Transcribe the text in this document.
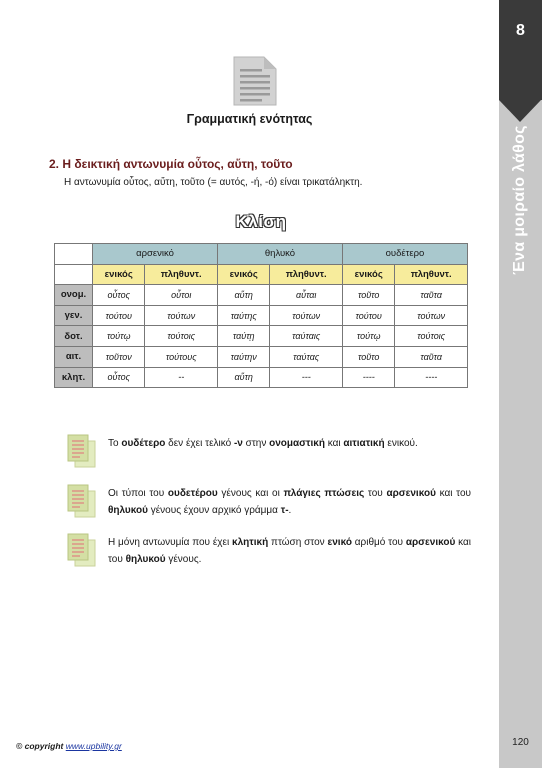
8
Ένα μοιραίο λάθος
120
Γραμματική ενότητας
2. Η δεικτική αντωνυμία οὗτος, αὕτη, τοῦτο
Η αντωνυμία οὗτος, αὕτη, τοῦτο (= αυτός, -ή, -ό) είναι τρικατάληκτη.
Κλίση
	αρσενικό		θηλυκό		ουδέτερο	
	ενικός	πληθυντ.	ενικός	πληθυντ.	ενικός	πληθυντ.
ονομ.	οὗτος	οὗτοι	αὕτη	αὗται	τοῦτο	ταῦτα
γεν.	τούτου	τούτων	ταύτης	τούτων	τούτου	τούτων
δοτ.	τούτῳ	τούτοις	ταύτῃ	ταύταις	τούτῳ	τούτοις
αιτ.	τοῦτον	τούτους	ταύτην	ταύτας	τοῦτο	ταῦτα
κλητ.	οὗτος	--	αὕτη	---	----	----
Το ουδέτερο δεν έχει τελικό -ν στην ονομαστική και αιτιατική ενικού.
Οι τύποι του ουδετέρου γένους και οι πλάγιες πτώσεις του αρσενικού και του θηλυκού γένους έχουν αρχικό γράμμα τ-.
Η μόνη αντωνυμία που έχει κλητική πτώση στον ενικό αριθμό του αρσενικού και του θηλυκού γένους.
© copyright www.upbility.gr
